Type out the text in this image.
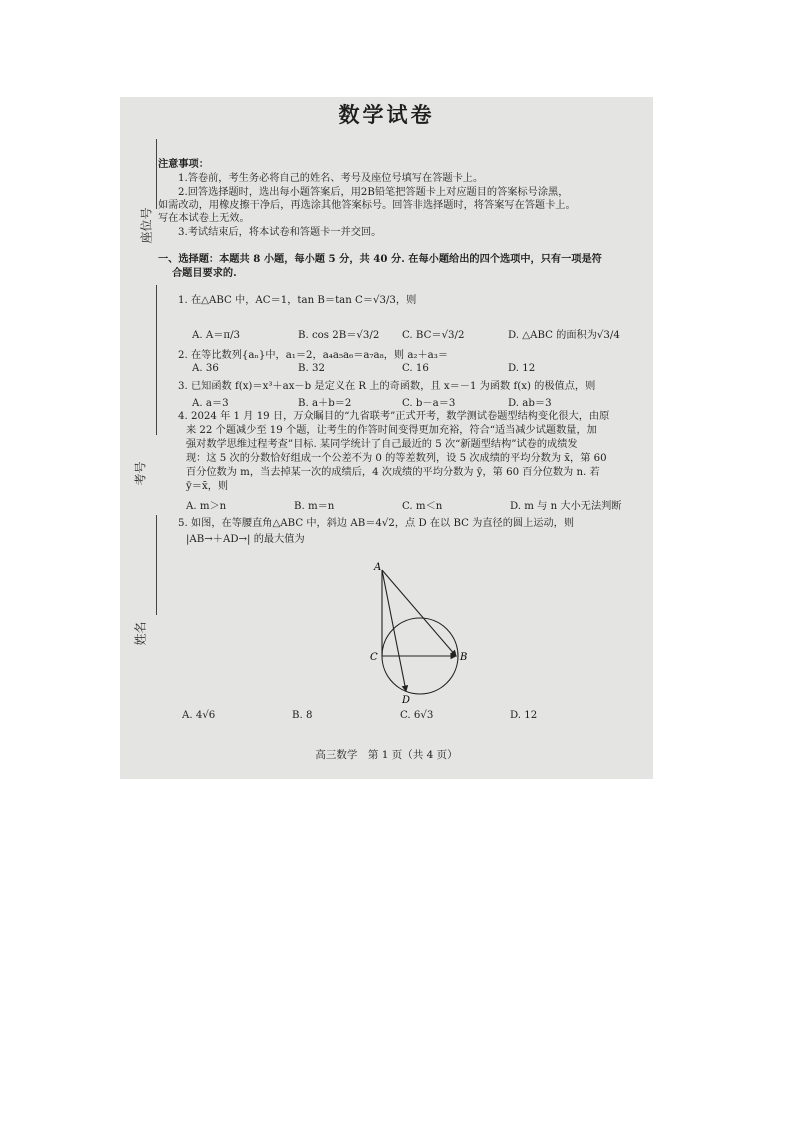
数学试卷
座位号
考号
姓名
注意事项：
1.答卷前，考生务必将自己的姓名、考号及座位号填写在答题卡上。
2.回答选择题时，选出每小题答案后，用2B铅笔把答题卡上对应题目的答案标号涂黑，
如需改动，用橡皮擦干净后，再选涂其他答案标号。回答非选择题时，将答案写在答题卡上。
写在本试卷上无效。
3.考试结束后，将本试卷和答题卡一并交回。
一、选择题：本题共 8 小题，每小题 5 分，共 40 分. 在每小题给出的四个选项中，只有一项是符
合题目要求的.
1. 在△ABC 中，AC＝1，tan B＝tan C＝√3/3，则
A. A＝π/3	B. cos 2B＝√3/2 C. BC＝√3/2	D. △ABC 的面积为√3/4
2. 在等比数列{aₙ}中，a₁＝2，a₄a₅a₆＝a₇a₈，则 a₂＋a₃＝
A. 36	B. 32	C. 16	D. 12
3. 已知函数 f(x)＝x³＋ax－b 是定义在 R 上的奇函数，且 x＝－1 为函数 f(x) 的极值点，则
A. a＝3	B. a＋b＝2	C. b－a＝3	D. ab＝3
4. 2024 年 1 月 19 日，万众瞩目的“九省联考”正式开考，数学测试卷题型结构变化很大，由原
来 22 个题减少至 19 个题，让考生的作答时间变得更加充裕，符合“适当减少试题数量，加
强对数学思维过程考查”目标. 某同学统计了自己最近的 5 次“新题型结构”试卷的成绩发
现：这 5 次的分数恰好组成一个公差不为 0 的等差数列，设 5 次成绩的平均分数为 x̄，第 60
百分位数为 m，当去掉某一次的成绩后，4 次成绩的平均分数为 ȳ，第 60 百分位数为 n. 若
ȳ＝x̄，则
A. m＞n	B. m＝n	C. m＜n	D. m 与 n 大小无法判断
5. 如图，在等腰直角△ABC 中，斜边 AB＝4√2，点 D 在以 BC 为直径的圆上运动，则
|AB→＋AD→| 的最大值为
A
B
C
D
A. 4√6	B. 8	C. 6√3	D. 12
高三数学　第 1 页（共 4 页）
